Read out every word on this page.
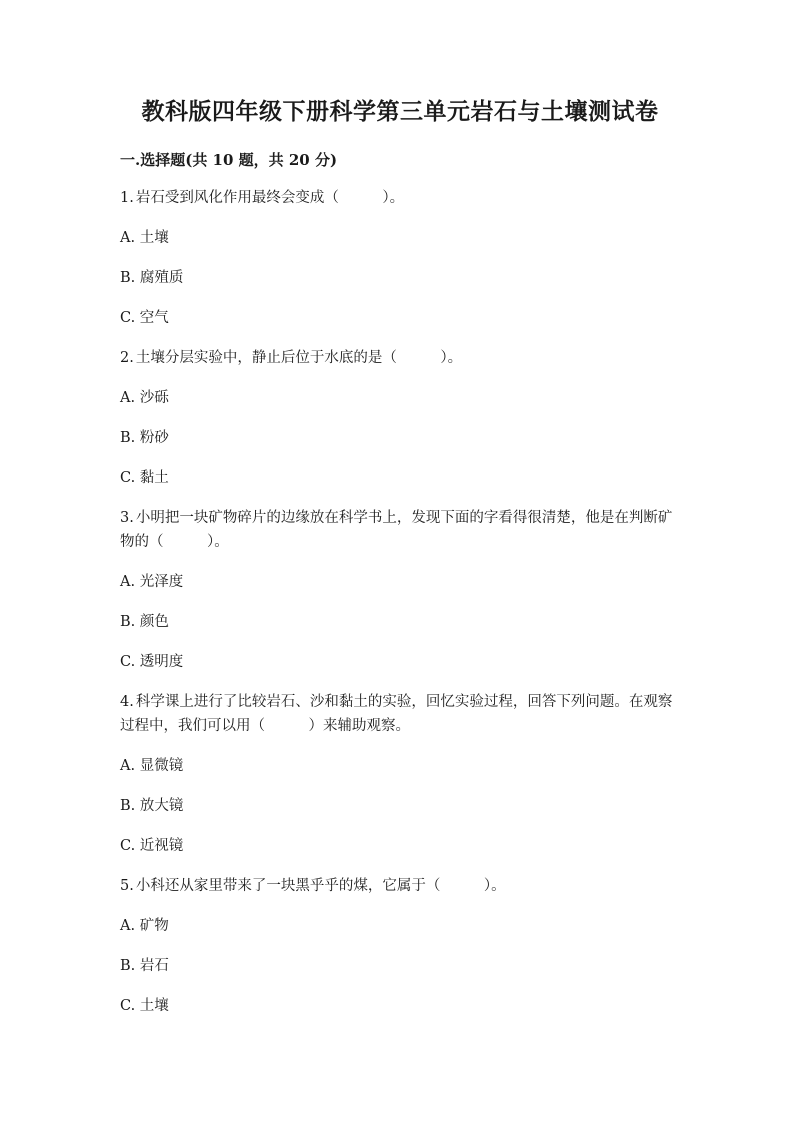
教科版四年级下册科学第三单元岩石与土壤测试卷
一.选择题(共 10 题，共 20 分)

1. 岩石受到风化作用最终会变成（　　　）。

A. 土壤
B. 腐殖质
C. 空气

2. 土壤分层实验中，静止后位于水底的是（　　　）。

A. 沙砾
B. 粉砂
C. 黏土

3. 小明把一块矿物碎片的边缘放在科学书上，发现下面的字看得很清楚，他是在判断矿物的（　　　）。

A. 光泽度
B. 颜色
C. 透明度

4. 科学课上进行了比较岩石、沙和黏土的实验，回忆实验过程，回答下列问题。在观察过程中，我们可以用（　　　）来辅助观察。

A. 显微镜
B. 放大镜
C. 近视镜

5. 小科还从家里带来了一块黑乎乎的煤，它属于（　　　）。

A. 矿物
B. 岩石
C. 土壤
